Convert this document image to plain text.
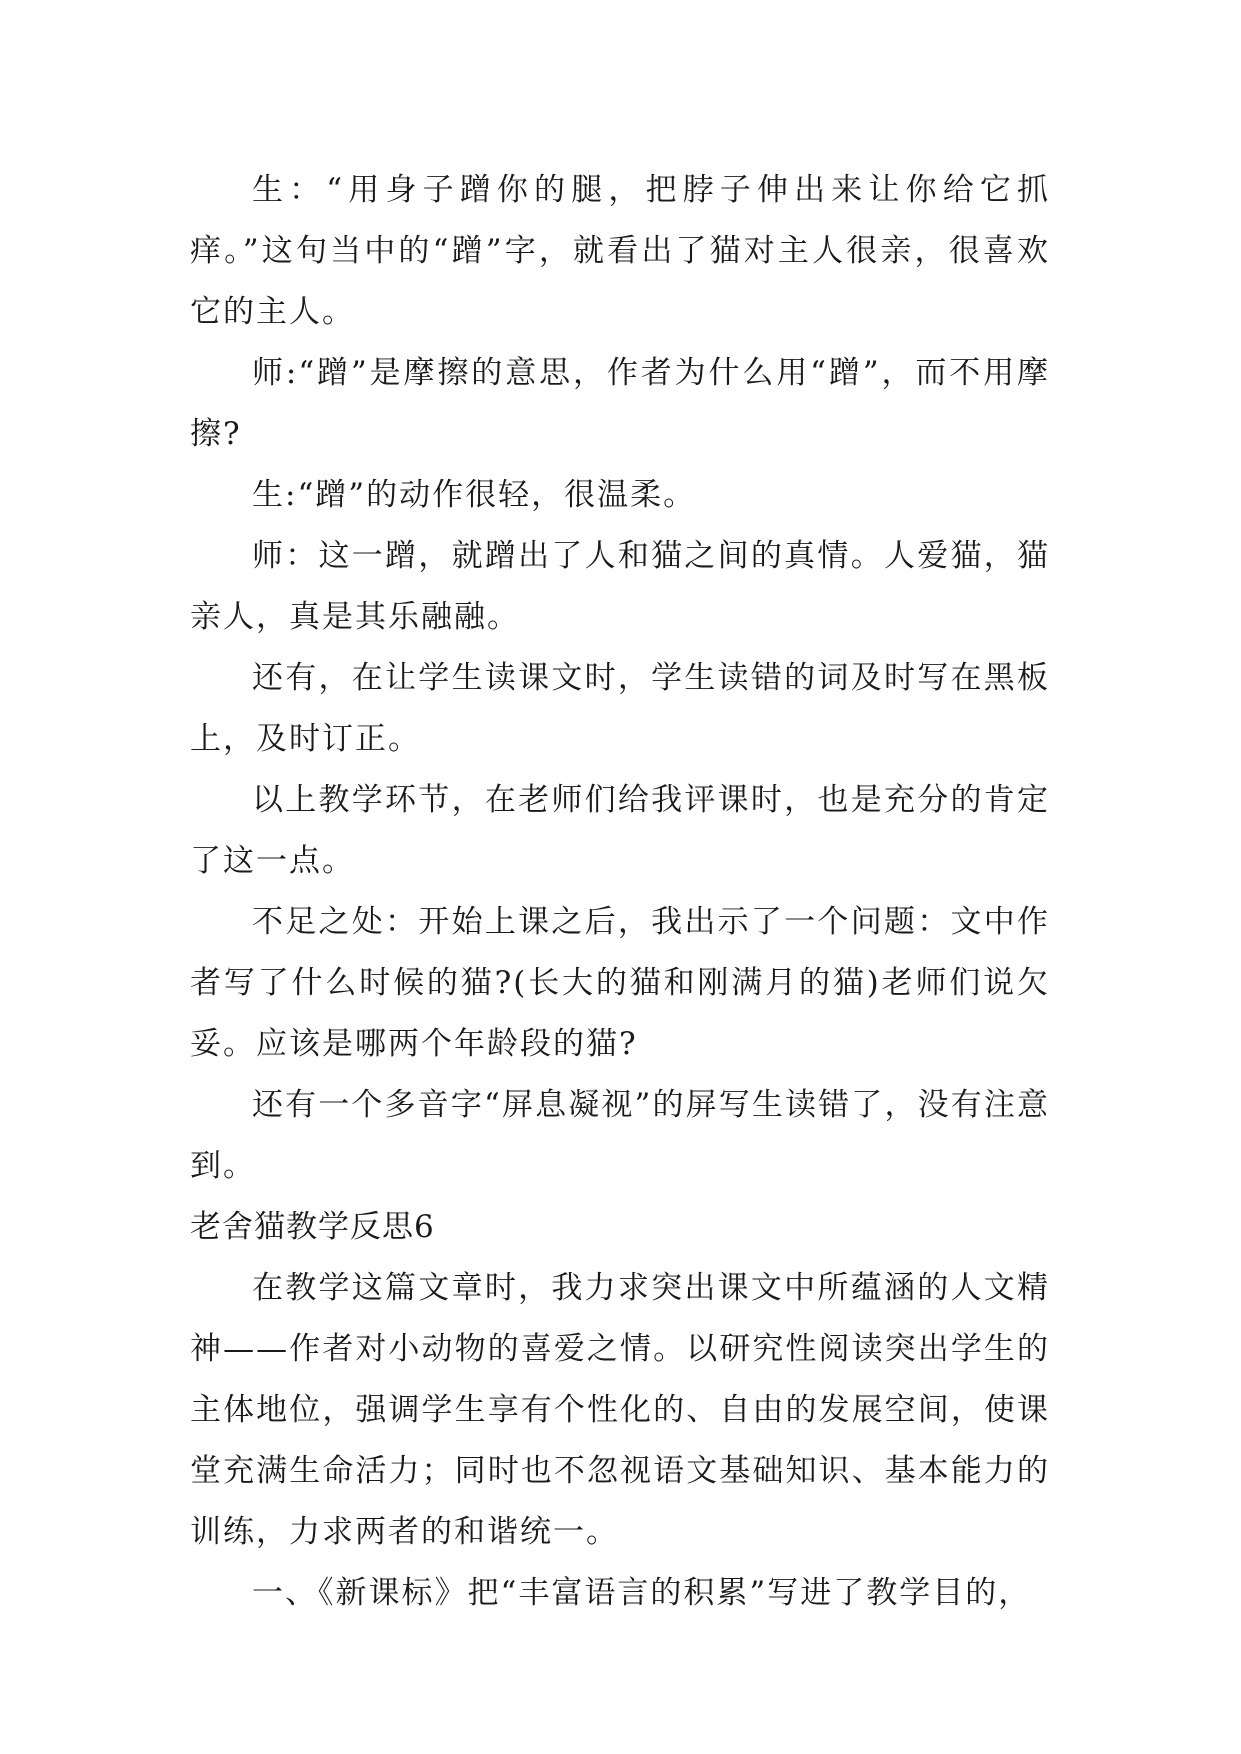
生：“用身子蹭你的腿，把脖子伸出来让你给它抓痒。”这句当中的“蹭”字，就看出了猫对主人很亲，很喜欢它的主人。

师:“蹭”是摩擦的意思，作者为什么用“蹭”，而不用摩擦?

生:“蹭”的动作很轻，很温柔。

师：这一蹭，就蹭出了人和猫之间的真情。人爱猫，猫亲人，真是其乐融融。

还有，在让学生读课文时，学生读错的词及时写在黑板上，及时订正。

以上教学环节，在老师们给我评课时，也是充分的肯定了这一点。

不足之处：开始上课之后，我出示了一个问题：文中作者写了什么时候的猫?(长大的猫和刚满月的猫)老师们说欠妥。应该是哪两个年龄段的猫?

还有一个多音字“屏息凝视”的屏写生读错了，没有注意到。

老舍猫教学反思6

在教学这篇文章时，我力求突出课文中所蕴涵的人文精神——作者对小动物的喜爱之情。以研究性阅读突出学生的主体地位，强调学生享有个性化的、自由的发展空间，使课堂充满生命活力；同时也不忽视语文基础知识、基本能力的训练，力求两者的和谐统一。

一、《新课标》把“丰富语言的积累”写进了教学目的，
